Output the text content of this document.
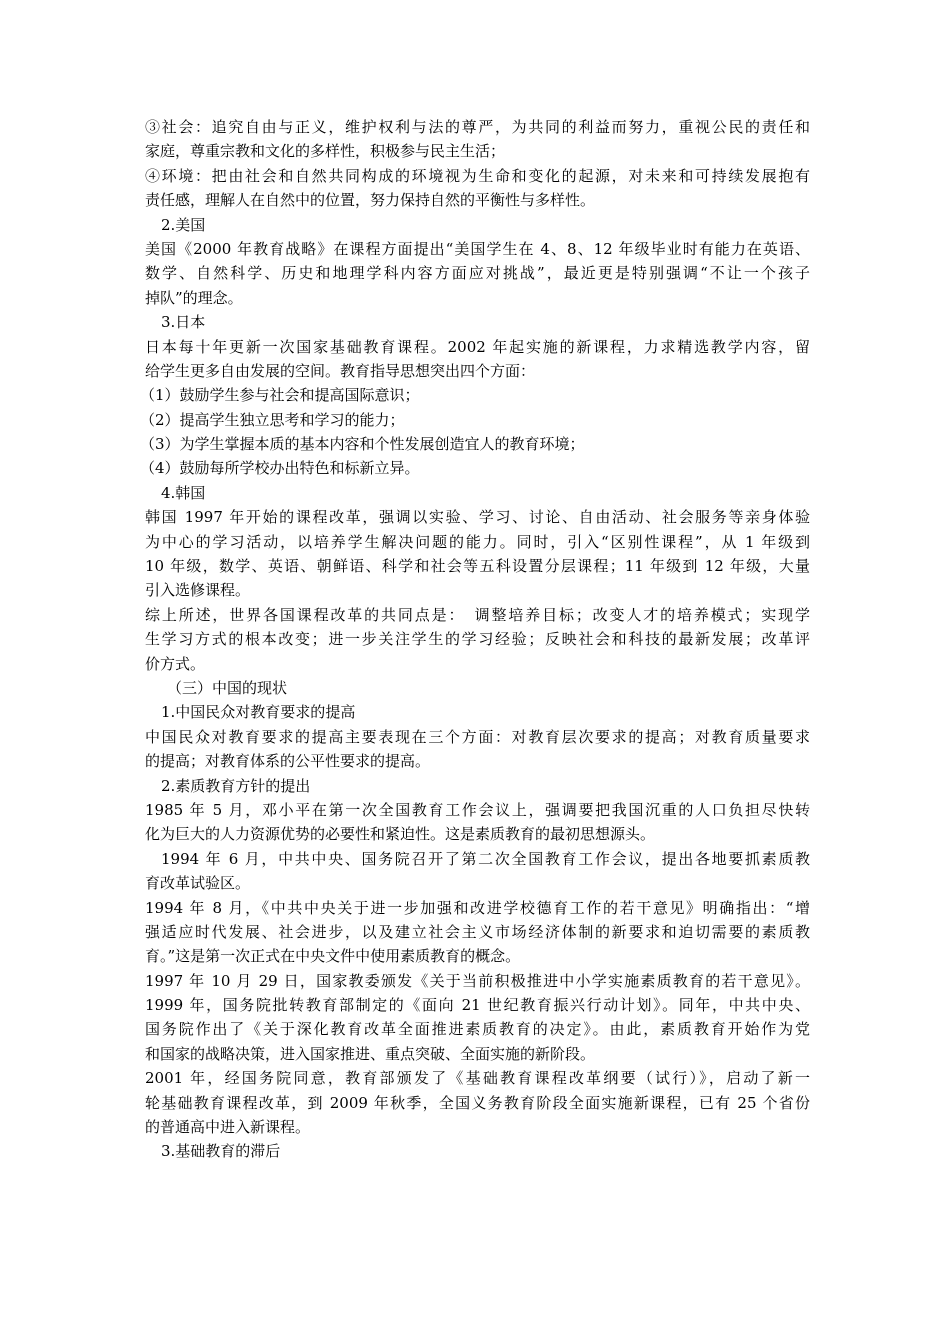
③社会：追究自由与正义，维护权利与法的尊严，为共同的利益而努力，重视公民的责任和
家庭，尊重宗教和文化的多样性，积极参与民主生活；
④环境：把由社会和自然共同构成的环境视为生命和变化的起源，对未来和可持续发展抱有
责任感，理解人在自然中的位置，努力保持自然的平衡性与多样性。
2.美国
美国《2000 年教育战略》在课程方面提出“美国学生在 4、8、12 年级毕业时有能力在英语、
数学、自然科学、历史和地理学科内容方面应对挑战”，最近更是特别强调“不让一个孩子
掉队”的理念。
3.日本
日本每十年更新一次国家基础教育课程。2002 年起实施的新课程，力求精选教学内容，留
给学生更多自由发展的空间。教育指导思想突出四个方面：
（1）鼓励学生参与社会和提高国际意识；
（2）提高学生独立思考和学习的能力；
（3）为学生掌握本质的基本内容和个性发展创造宜人的教育环境；
（4）鼓励每所学校办出特色和标新立异。
4.韩国
韩国 1997 年开始的课程改革，强调以实验、学习、讨论、自由活动、社会服务等亲身体验
为中心的学习活动，以培养学生解决问题的能力。同时，引入“区别性课程”，从 1 年级到
10 年级，数学、英语、朝鲜语、科学和社会等五科设置分层课程；11 年级到 12 年级，大量
引入选修课程。
综上所述，世界各国课程改革的共同点是：　调整培养目标；改变人才的培养模式；实现学
生学习方式的根本改变；进一步关注学生的学习经验；反映社会和科技的最新发展；改革评
价方式。
（三）中国的现状
1.中国民众对教育要求的提高
中国民众对教育要求的提高主要表现在三个方面：对教育层次要求的提高；对教育质量要求
的提高；对教育体系的公平性要求的提高。
2.素质教育方针的提出
1985 年 5 月，邓小平在第一次全国教育工作会议上，强调要把我国沉重的人口负担尽快转
化为巨大的人力资源优势的必要性和紧迫性。这是素质教育的最初思想源头。
1994 年 6 月，中共中央、国务院召开了第二次全国教育工作会议，提出各地要抓素质教
育改革试验区。
1994 年 8 月，《中共中央关于进一步加强和改进学校德育工作的若干意见》明确指出：“增
强适应时代发展、社会进步，以及建立社会主义市场经济体制的新要求和迫切需要的素质教
育。”这是第一次正式在中央文件中使用素质教育的概念。
1997 年 10 月 29 日，国家教委颁发《关于当前积极推进中小学实施素质教育的若干意见》。
1999 年，国务院批转教育部制定的《面向 21 世纪教育振兴行动计划》。同年，中共中央、
国务院作出了《关于深化教育改革全面推进素质教育的决定》。由此，素质教育开始作为党
和国家的战略决策，进入国家推进、重点突破、全面实施的新阶段。
2001 年，经国务院同意，教育部颁发了《基础教育课程改革纲要（试行）》，启动了新一
轮基础教育课程改革，到 2009 年秋季，全国义务教育阶段全面实施新课程，已有 25 个省份
的普通高中进入新课程。
3.基础教育的滞后
